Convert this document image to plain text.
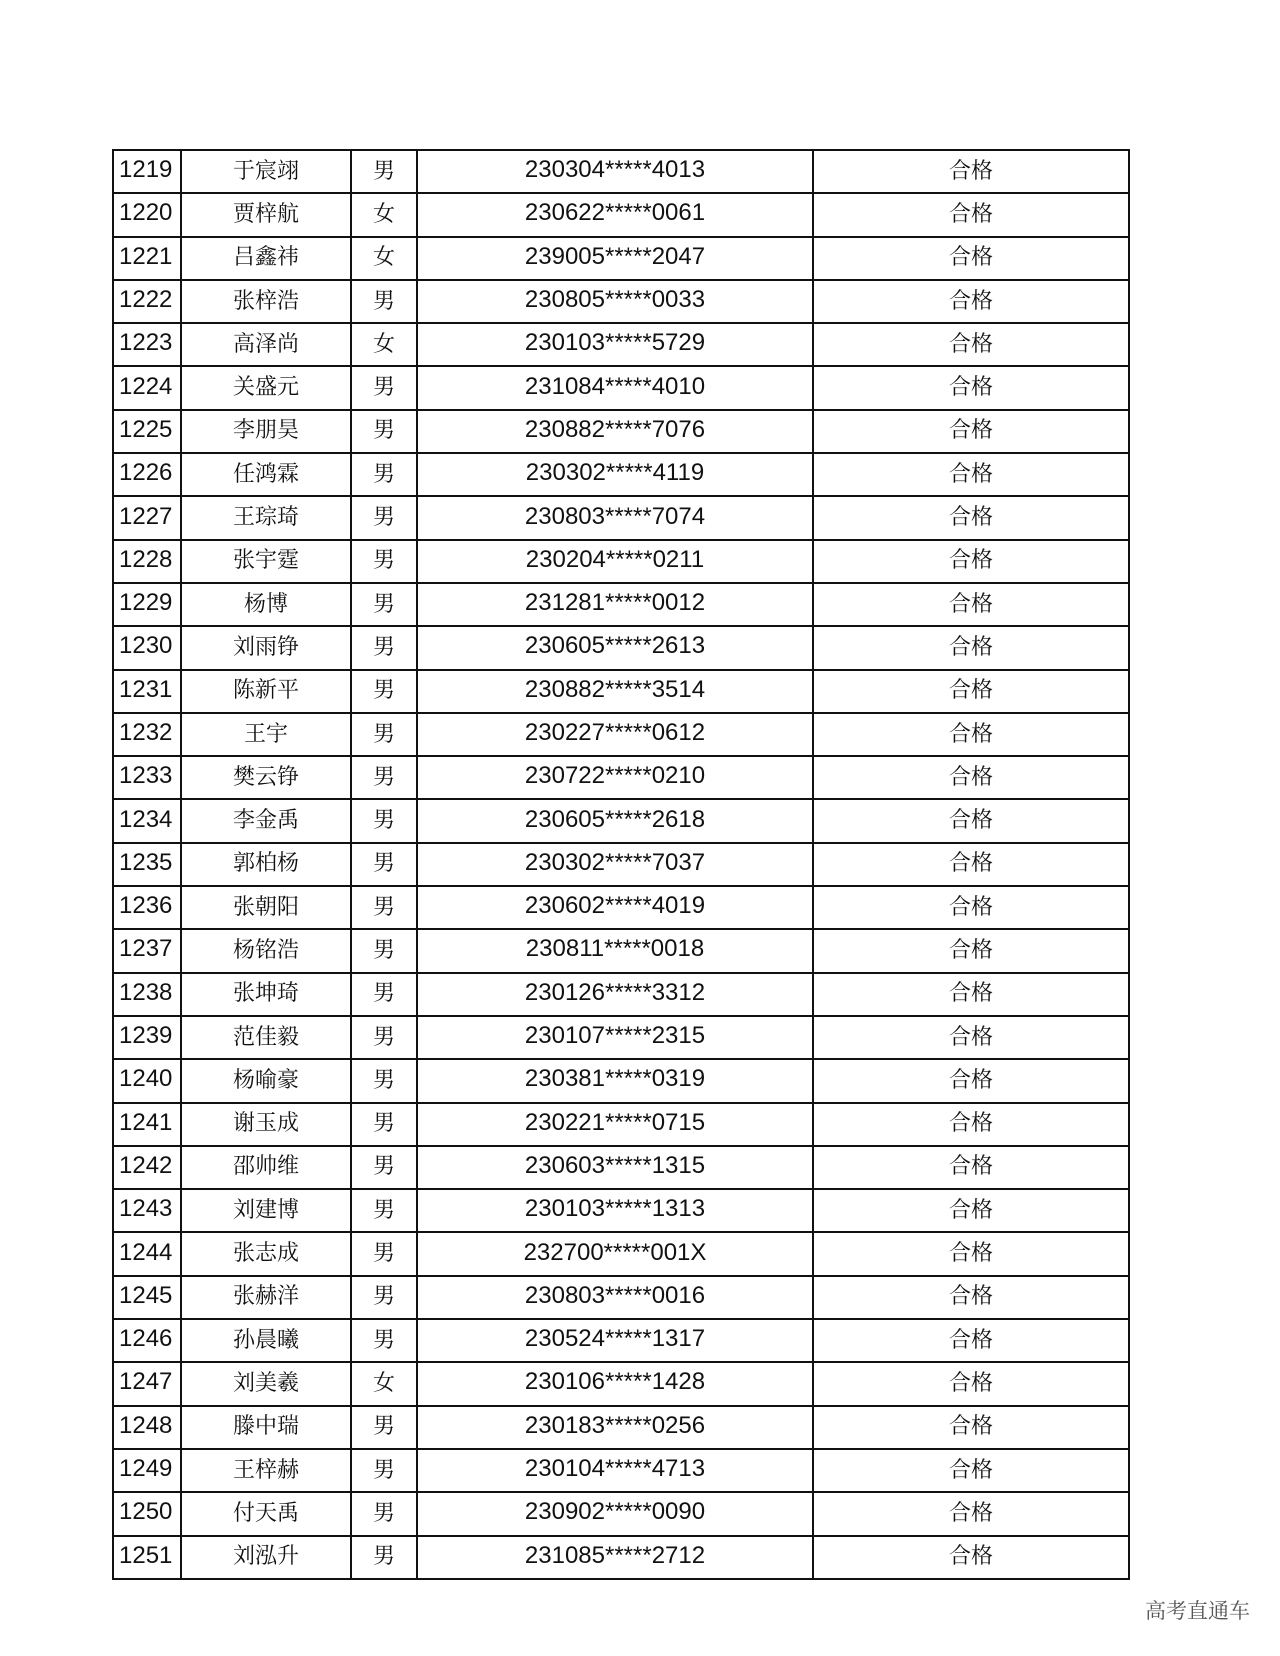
1219	于宸翊	男	230304*****4013	合格
1220	贾梓航	女	230622*****0061	合格
1221	吕鑫祎	女	239005*****2047	合格
1222	张梓浩	男	230805*****0033	合格
1223	高泽尚	女	230103*****5729	合格
1224	关盛元	男	231084*****4010	合格
1225	李朋昊	男	230882*****7076	合格
1226	任鸿霖	男	230302*****4119	合格
1227	王琮琦	男	230803*****7074	合格
1228	张宇霆	男	230204*****0211	合格
1229	杨博	男	231281*****0012	合格
1230	刘雨铮	男	230605*****2613	合格
1231	陈新平	男	230882*****3514	合格
1232	王宇	男	230227*****0612	合格
1233	樊云铮	男	230722*****0210	合格
1234	李金禹	男	230605*****2618	合格
1235	郭柏杨	男	230302*****7037	合格
1236	张朝阳	男	230602*****4019	合格
1237	杨铭浩	男	230811*****0018	合格
1238	张坤琦	男	230126*****3312	合格
1239	范佳毅	男	230107*****2315	合格
1240	杨喻豪	男	230381*****0319	合格
1241	谢玉成	男	230221*****0715	合格
1242	邵帅维	男	230603*****1315	合格
1243	刘建博	男	230103*****1313	合格
1244	张志成	男	232700*****001X	合格
1245	张赫洋	男	230803*****0016	合格
1246	孙晨曦	男	230524*****1317	合格
1247	刘美羲	女	230106*****1428	合格
1248	滕中瑞	男	230183*****0256	合格
1249	王梓赫	男	230104*****4713	合格
1250	付天禹	男	230902*****0090	合格
1251	刘泓升	男	231085*****2712	合格
高考直通车
